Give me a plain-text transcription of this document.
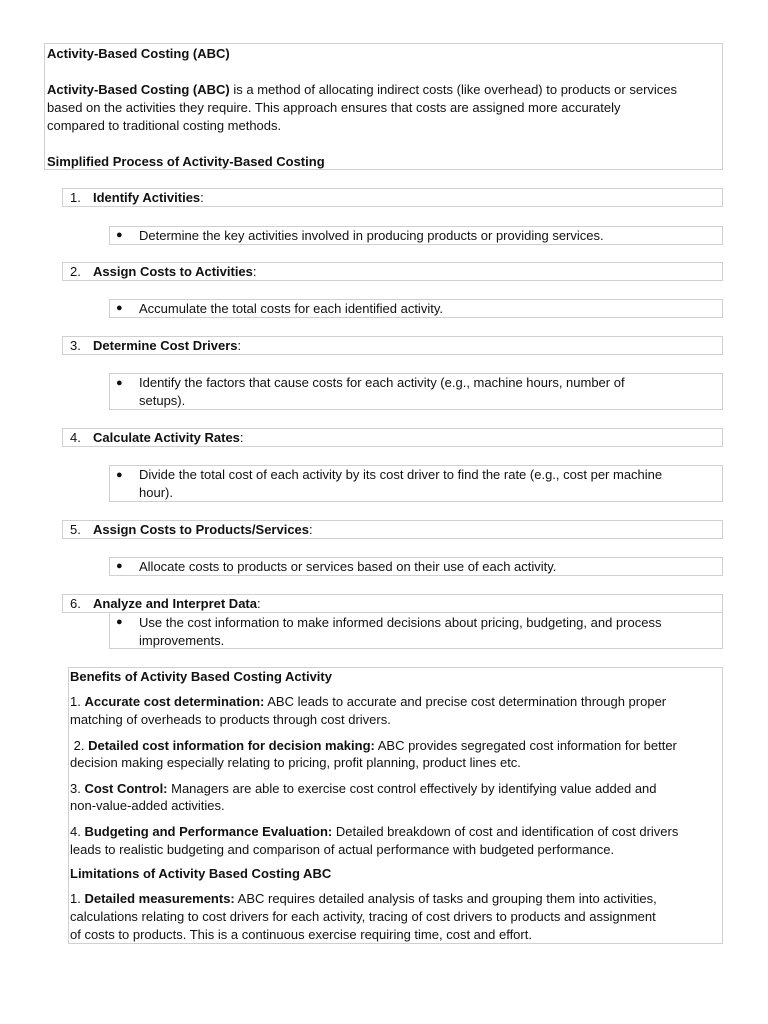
Activity-Based Costing (ABC)
Activity-Based Costing (ABC) is a method of allocating indirect costs (like overhead) to products or services
based on the activities they require. This approach ensures that costs are assigned more accurately
compared to traditional costing methods.
Simplified Process of Activity-Based Costing
1. Identify Activities:
● Determine the key activities involved in producing products or providing services.
2. Assign Costs to Activities:
● Accumulate the total costs for each identified activity.
3. Determine Cost Drivers:
● Identify the factors that cause costs for each activity (e.g., machine hours, number of
setups).
4. Calculate Activity Rates:
● Divide the total cost of each activity by its cost driver to find the rate (e.g., cost per machine
hour).
5. Assign Costs to Products/Services:
● Allocate costs to products or services based on their use of each activity.
6. Analyze and Interpret Data:
● Use the cost information to make informed decisions about pricing, budgeting, and process
improvements.
Benefits of Activity Based Costing Activity
1. Accurate cost determination: ABC leads to accurate and precise cost determination through proper
matching of overheads to products through cost drivers.
2. Detailed cost information for decision making: ABC provides segregated cost information for better
decision making especially relating to pricing, profit planning, product lines etc.
3. Cost Control: Managers are able to exercise cost control effectively by identifying value added and
non-value-added activities.
4. Budgeting and Performance Evaluation: Detailed breakdown of cost and identification of cost drivers
leads to realistic budgeting and comparison of actual performance with budgeted performance.
Limitations of Activity Based Costing ABC
1. Detailed measurements: ABC requires detailed analysis of tasks and grouping them into activities,
calculations relating to cost drivers for each activity, tracing of cost drivers to products and assignment
of costs to products. This is a continuous exercise requiring time, cost and effort.
